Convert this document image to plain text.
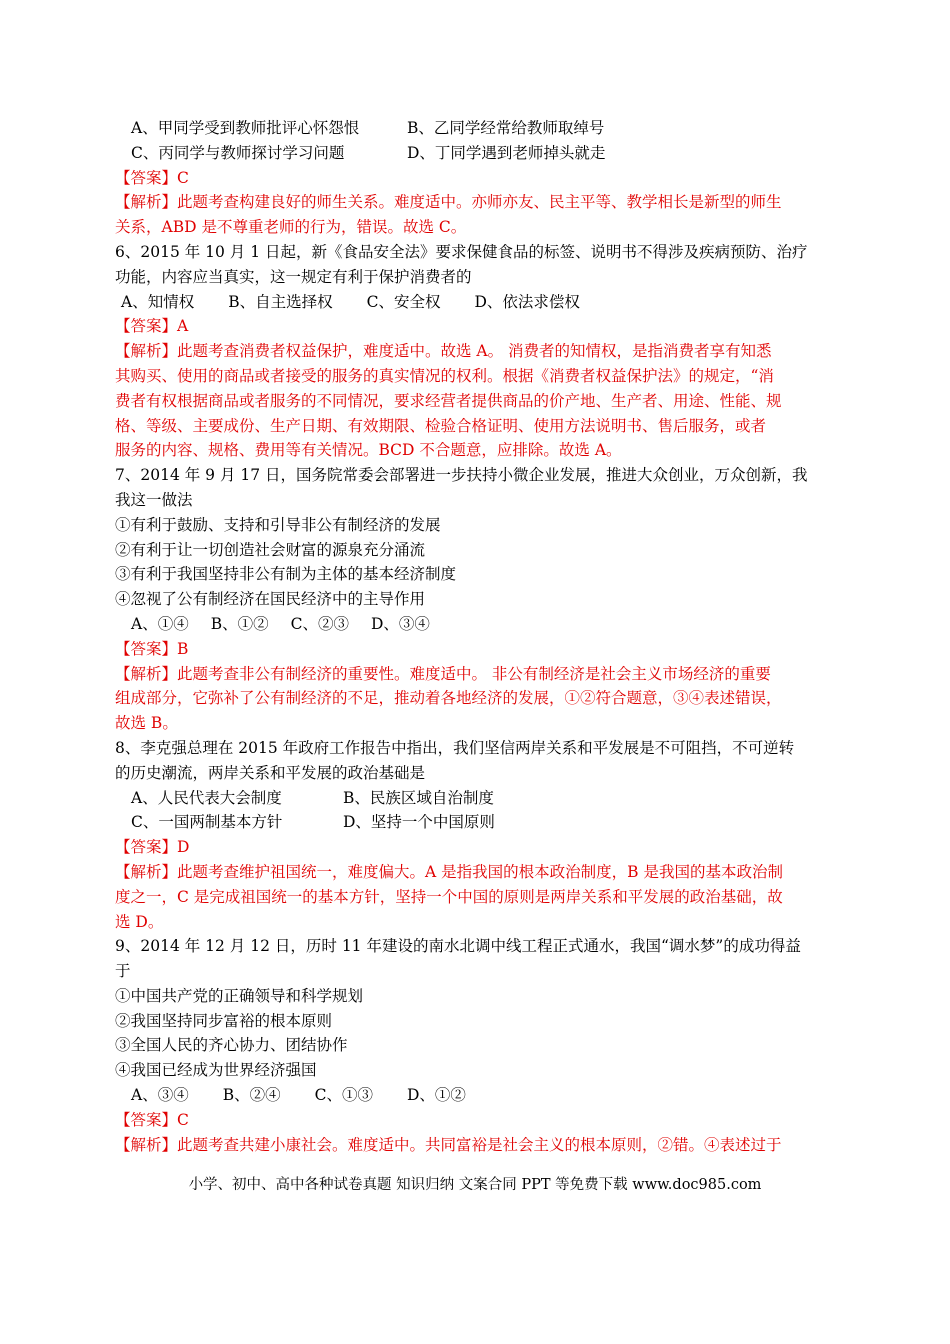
A、甲同学受到教师批评心怀怨恨	B、乙同学经常给教师取绰号
C、丙同学与教师探讨学习问题	D、丁同学遇到老师掉头就走
【答案】C
【解析】此题考查构建良好的师生关系。难度适中。亦师亦友、民主平等、教学相长是新型的师生
关系，ABD 是不尊重老师的行为，错误。故选 C。
6、2015 年 10 月 1 日起，新《食品安全法》要求保健食品的标签、说明书不得涉及疾病预防、治疗
功能，内容应当真实，这一规定有利于保护消费者的
A、知情权 B、自主选择权 C、安全权 D、依法求偿权
【答案】A
【解析】此题考查消费者权益保护，难度适中。故选 A。 消费者的知情权，是指消费者享有知悉
其购买、使用的商品或者接受的服务的真实情况的权利。根据《消费者权益保护法》的规定，“消
费者有权根据商品或者服务的不同情况，要求经营者提供商品的价产地、生产者、用途、性能、规
格、等级、主要成份、生产日期、有效期限、检验合格证明、使用方法说明书、售后服务，或者
服务的内容、规格、费用等有关情况。BCD 不合题意，应排除。故选 A。
7、2014 年 9 月 17 日，国务院常委会部署进一步扶持小微企业发展，推进大众创业，万众创新，我
我这一做法
①有利于鼓励、支持和引导非公有制经济的发展
②有利于让一切创造社会财富的源泉充分涌流
③有利于我国坚持非公有制为主体的基本经济制度
④忽视了公有制经济在国民经济中的主导作用
A、①④ B、①② C、②③ D、③④
【答案】B
【解析】此题考查非公有制经济的重要性。难度适中。 非公有制经济是社会主义市场经济的重要
组成部分，它弥补了公有制经济的不足，推动着各地经济的发展，①②符合题意，③④表述错误，
故选 B。
8、李克强总理在 2015 年政府工作报告中指出，我们坚信两岸关系和平发展是不可阻挡，不可逆转
的历史潮流，两岸关系和平发展的政治基础是
A、人民代表大会制度	B、民族区域自治制度
C、一国两制基本方针	D、坚持一个中国原则
【答案】D
【解析】此题考查维护祖国统一，难度偏大。A 是指我国的根本政治制度，B 是我国的基本政治制
度之一，C 是完成祖国统一的基本方针，坚持一个中国的原则是两岸关系和平发展的政治基础，故
选 D。
9、2014 年 12 月 12 日，历时 11 年建设的南水北调中线工程正式通水，我国“调水梦”的成功得益
于
①中国共产党的正确领导和科学规划
②我国坚持同步富裕的根本原则
③全国人民的齐心协力、团结协作
④我国已经成为世界经济强国
A、③④ B、②④ C、①③ D、①②
【答案】C
【解析】此题考查共建小康社会。难度适中。共同富裕是社会主义的根本原则，②错。④表述过于
小学、初中、高中各种试卷真题 知识归纳 文案合同 PPT 等免费下载 www.doc985.com
